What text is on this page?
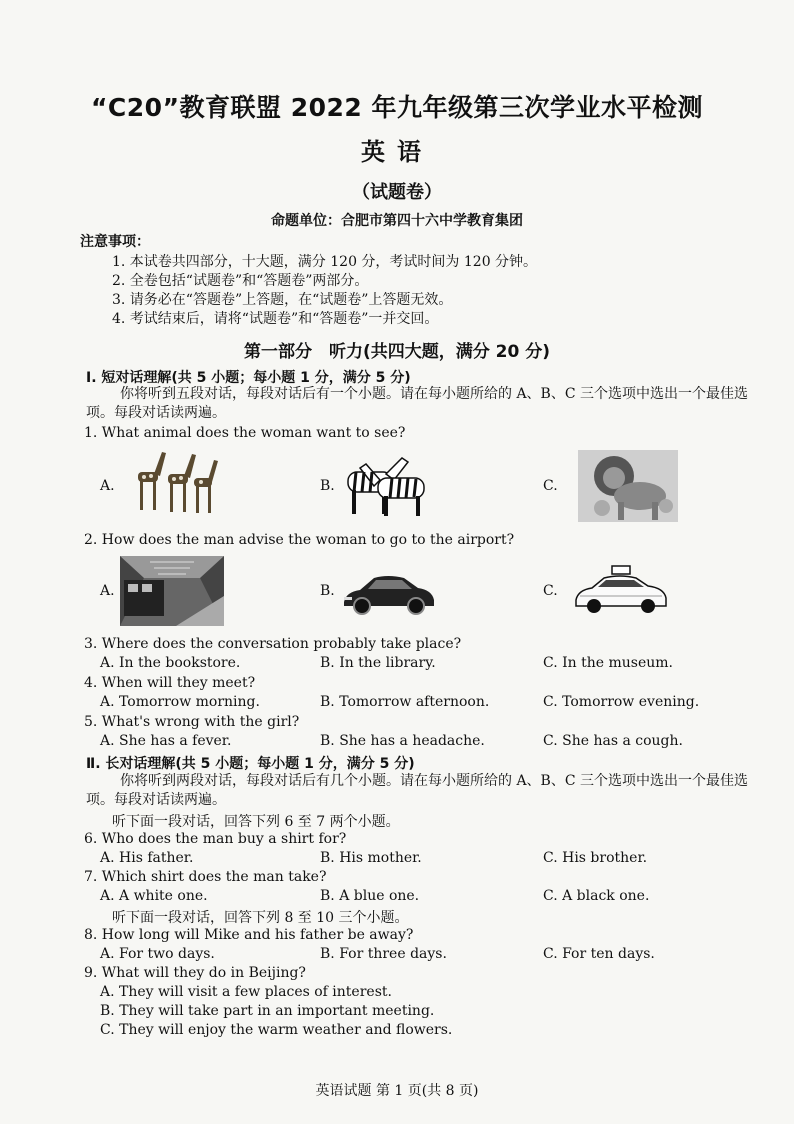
“C20”教育联盟 2022 年九年级第三次学业水平检测
英语
（试题卷）
命题单位：合肥市第四十六中学教育集团
注意事项：
1. 本试卷共四部分，十大题，满分 120 分，考试时间为 120 分钟。
2. 全卷包括“试题卷”和“答题卷”两部分。
3. 请务必在“答题卷”上答题，在“试题卷”上答题无效。
4. 考试结束后，请将“试题卷”和“答题卷”一并交回。
第一部分　听力(共四大题，满分 20 分)
Ⅰ. 短对话理解(共 5 小题；每小题 1 分，满分 5 分)
你将听到五段对话，每段对话后有一个小题。请在每小题所给的 A、B、C 三个选项中选出一个最佳选项。每段对话读两遍。
1. What animal does the woman want to see?
A.	B.	C.
2. How does the man advise the woman to go to the airport?
A.	B.	C.
3. Where does the conversation probably take place?
A. In the bookstore.	B. In the library.	C. In the museum.
4. When will they meet?
A. Tomorrow morning.	B. Tomorrow afternoon.	C. Tomorrow evening.
5. What's wrong with the girl?
A. She has a fever.	B. She has a headache.	C. She has a cough.
Ⅱ. 长对话理解(共 5 小题；每小题 1 分，满分 5 分)
你将听到两段对话，每段对话后有几个小题。请在每小题所给的 A、B、C 三个选项中选出一个最佳选项。每段对话读两遍。
听下面一段对话，回答下列 6 至 7 两个小题。
6. Who does the man buy a shirt for?
A. His father.	B. His mother.	C. His brother.
7. Which shirt does the man take?
A. A white one.	B. A blue one.	C. A black one.
听下面一段对话，回答下列 8 至 10 三个小题。
8. How long will Mike and his father be away?
A. For two days.	B. For three days.	C. For ten days.
9. What will they do in Beijing?
A. They will visit a few places of interest.
B. They will take part in an important meeting.
C. They will enjoy the warm weather and flowers.
英语试题 第 1 页(共 8 页)
